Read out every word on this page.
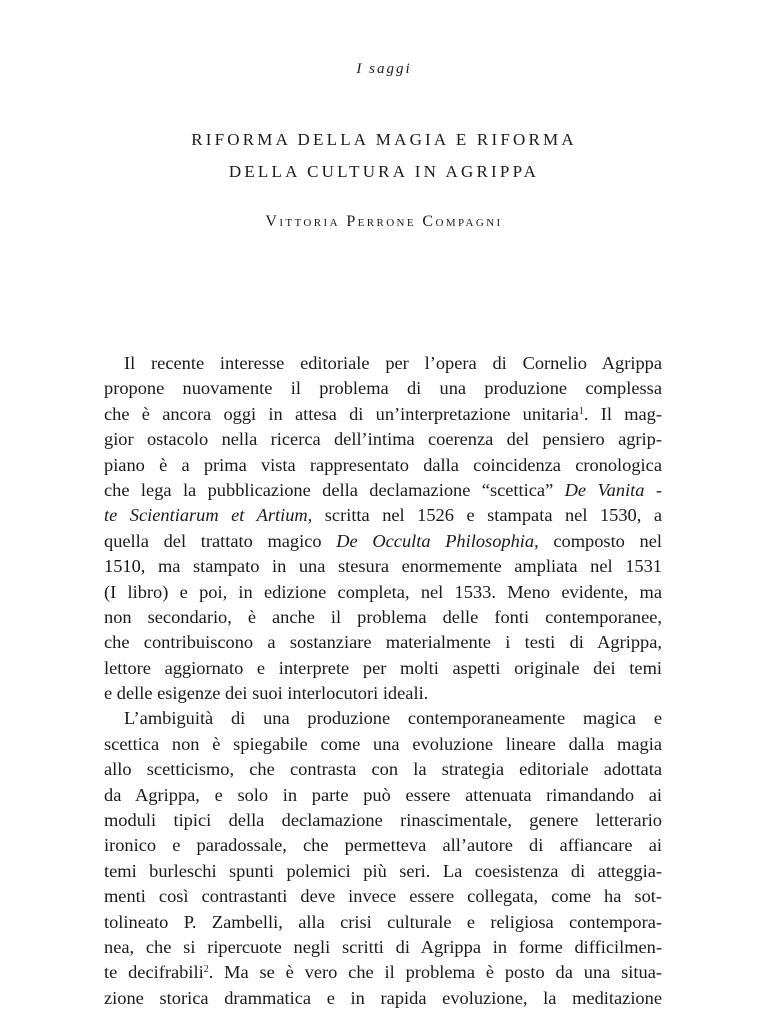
I saggi
RIFORMA DELLA MAGIA E RIFORMA
DELLA CULTURA IN AGRIPPA
Vittoria Perrone Compagni
Il recente interesse editoriale per l’opera di Cornelio Agrippa
propone nuovamente il problema di una produzione complessa
che è ancora oggi in attesa di un’interpretazione unitaria$^1$. Il mag-
gior ostacolo nella ricerca dell’intima coerenza del pensiero agrip-
piano è a prima vista rappresentato dalla coincidenza cronologica
che lega la pubblicazione della declamazione “scettica” De Vanita -
te Scientiarum et Artium, scritta nel 1526 e stampata nel 1530, a
quella del trattato magico De Occulta Philosophia, composto nel
1510, ma stampato in una stesura enormemente ampliata nel 1531
(I libro) e poi, in edizione completa, nel 1533. Meno evidente, ma
non secondario, è anche il problema delle fonti contemporanee,
che contribuiscono a sostanziare materialmente i testi di Agrippa,
lettore aggiornato e interprete per molti aspetti originale dei temi
e delle esigenze dei suoi interlocutori ideali.
L’ambiguità di una produzione contemporaneamente magica e
scettica non è spiegabile come una evoluzione lineare dalla magia
allo scetticismo, che contrasta con la strategia editoriale adottata
da Agrippa, e solo in parte può essere attenuata rimandando ai
moduli tipici della declamazione rinascimentale, genere letterario
ironico e paradossale, che permetteva all’autore di affiancare ai
temi burleschi spunti polemici più seri. La coesistenza di atteggia-
menti così contrastanti deve invece essere collegata, come ha sot-
tolineato P. Zambelli, alla crisi culturale e religiosa contempora-
nea, che si ripercuote negli scritti di Agrippa in forme difficilmen-
te decifrabili$^2$. Ma se è vero che il problema è posto da una situa-
zione storica drammatica e in rapida evoluzione, la meditazione
